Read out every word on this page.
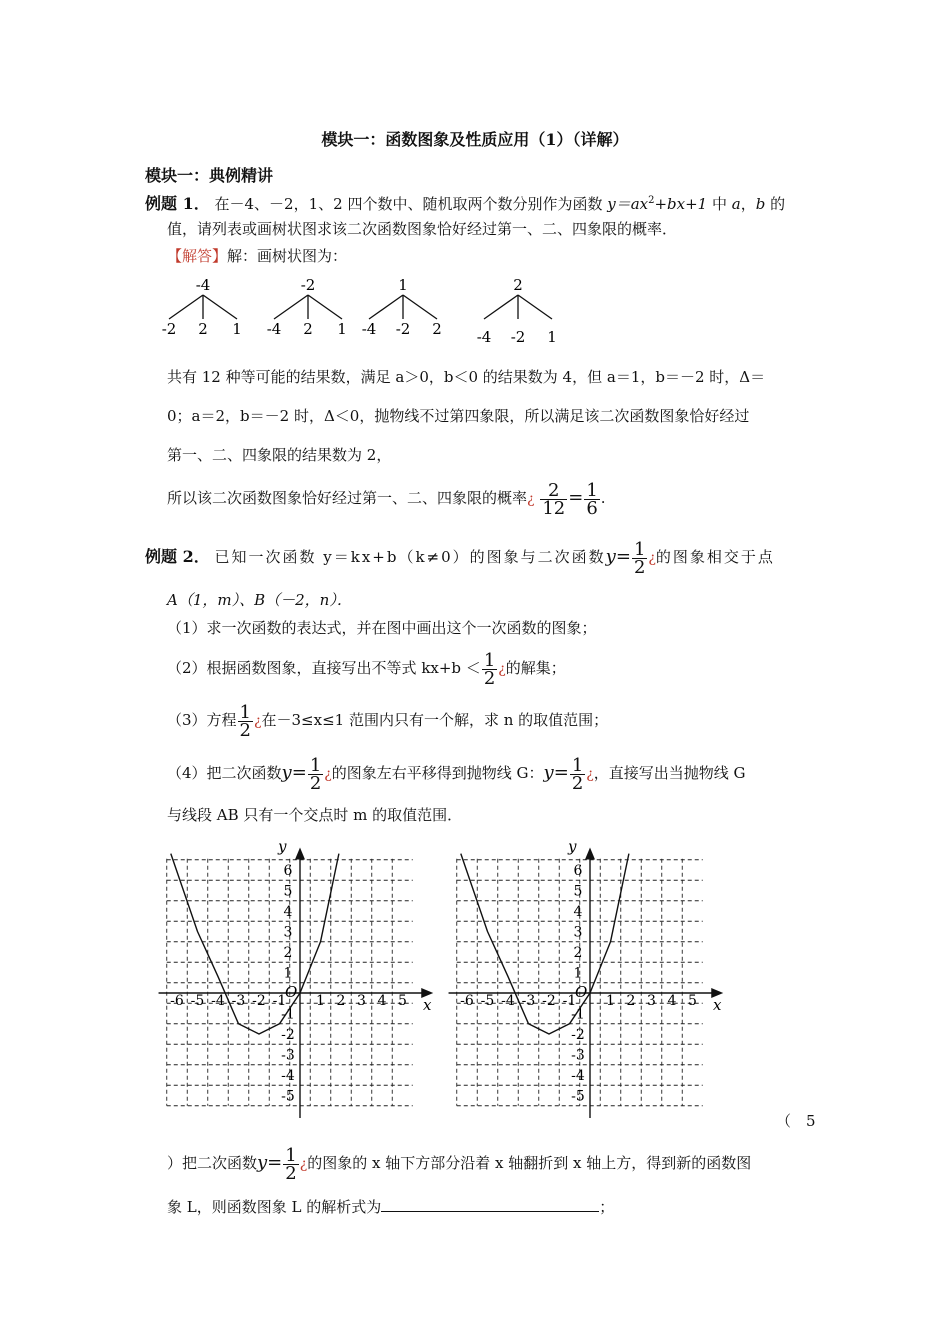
模块一：函数图象及性质应用（1）（详解）
模块一：典例精讲
例题 1． 在－4、－2，1、2 四个数中、随机取两个数分别作为函数 $y=ax^2+bx+1$ 中 a，b 的
值，请列表或画树状图求该二次函数图象恰好经过第一、二、四象限的概率．
【解答】解：画树状图为：
-4
-2 2 1
-2
-4 2 1
1
-4 -2 2
2
-4 -2 1
共有 12 种等可能的结果数，满足 a＞0，b＜0 的结果数为 4，但 a＝1，b＝－2 时，Δ＝
0；a＝2，b＝－2 时，Δ＜0，抛物线不过第四象限，所以满足该二次函数图象恰好经过
第一、二、四象限的结果数为 2，
所以该二次函数图象恰好经过第一、二、四象限的概率¿ $\frac{2}{12} = \frac{1}{6}$ .
例题 2． 已知一次函数 y＝kx+b（k≠0）的图象与二次函数$y= \frac{1}{2}$ ¿的图象相交于点
A（1，m）、B（－2，n）．
（1）求一次函数的表达式，并在图中画出这个一次函数的图象；
（2）根据函数图象，直接写出不等式 $kx+b < \frac{1}{2}$ ¿的解集；
（3）方程 $\frac{1}{2}$ ¿在－3≤x≤1 范围内只有一个解，求 n 的取值范围；
（4）把二次函数$y= \frac{1}{2}$ ¿的图象左右平移得到抛物线 G：$y= \frac{1}{2}$ ¿，直接写出当抛物线 G
与线段 AB 只有一个交点时 m 的取值范围．
x
y
O
-6 -5 -4 -3 -2 -1 1 2 3 4 5
6
5
4
3
2
1
-1
-2
-3
-4
-5
x
y
O
-6 -5 -4 -3 -2 -1 1 2 3 4 5
6
5
4
3
2
1
-1
-2
-3
-4
-5
（　5
）把二次函数$y= \frac{1}{2}$ ¿的图象的 x 轴下方部分沿着 x 轴翻折到 x 轴上方，得到新的函数图
象 L，则函数图象 L 的解析式为	；
